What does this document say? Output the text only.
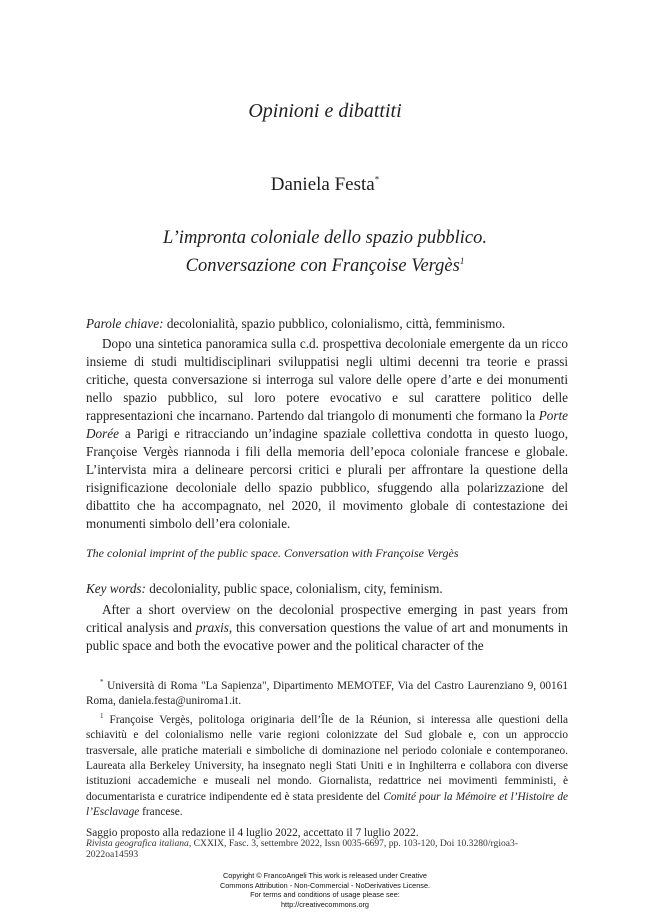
Opinioni e dibattiti
Daniela Festa*
L’impronta coloniale dello spazio pubblico.
Conversazione con Françoise Vergès$^1$
Parole chiave: decolonialità, spazio pubblico, colonialismo, città, femminismo.

Dopo una sintetica panoramica sulla c.d. prospettiva decoloniale emergente da un ricco insieme di studi multidisciplinari sviluppatisi negli ultimi decenni tra teorie e prassi critiche, questa conversazione si interroga sul valore delle opere d’arte e dei monumenti nello spazio pubblico, sul loro potere evocativo e sul carattere politico delle rappresentazioni che incarnano. Partendo dal triangolo di monumenti che formano la Porte Dorée a Parigi e ritracciando un’indagine spaziale collettiva condotta in questo luogo, Françoise Vergès riannoda i fili della memoria dell’epoca coloniale francese e globale. L’intervista mira a delineare percorsi critici e plurali per affrontare la questione della risignificazione decoloniale dello spazio pubblico, sfuggendo alla polarizzazione del dibattito che ha accompagnato, nel 2020, il movimento globale di contestazione dei monumenti simbolo dell’era coloniale.

The colonial imprint of the public space. Conversation with Françoise Vergès
Key words: decoloniality, public space, colonialism, city, feminism.

After a short overview on the decolonial prospective emerging in past years from critical analysis and praxis, this conversation questions the value of art and monuments in public space and both the evocative power and the political character of the

* Università di Roma "La Sapienza", Dipartimento MEMOTEF, Via del Castro Laurenziano 9, 00161 Roma, daniela.festa@uniroma1.it.

$^1$ Françoise Vergès, politologa originaria dell’Île de la Réunion, si interessa alle questioni della schiavitù e del colonialismo nelle varie regioni colonizzate del Sud globale e, con un approccio trasversale, alle pratiche materiali e simboliche di dominazione nel periodo coloniale e contemporaneo. Laureata alla Berkeley University, ha insegnato negli Stati Uniti e in Inghilterra e collabora con diverse istituzioni accademiche e museali nel mondo. Giornalista, redattrice nei movimenti femministi, è documentarista e curatrice indipendente ed è stata presidente del Comité pour la Mémoire et l’Histoire de l’Esclavage francese.

Saggio proposto alla redazione il 4 luglio 2022, accettato il 7 luglio 2022.

Rivista geografica italiana, CXXIX, Fasc. 3, settembre 2022, Issn 0035-6697, pp. 103-120, Doi 10.3280/rgioa3-2022oa14593
Copyright © FrancoAngeli This work is released under Creative
Commons Attribution - Non-Commercial - NoDerivatives License.
For terms and conditions of usage please see:
http://creativecommons.org
